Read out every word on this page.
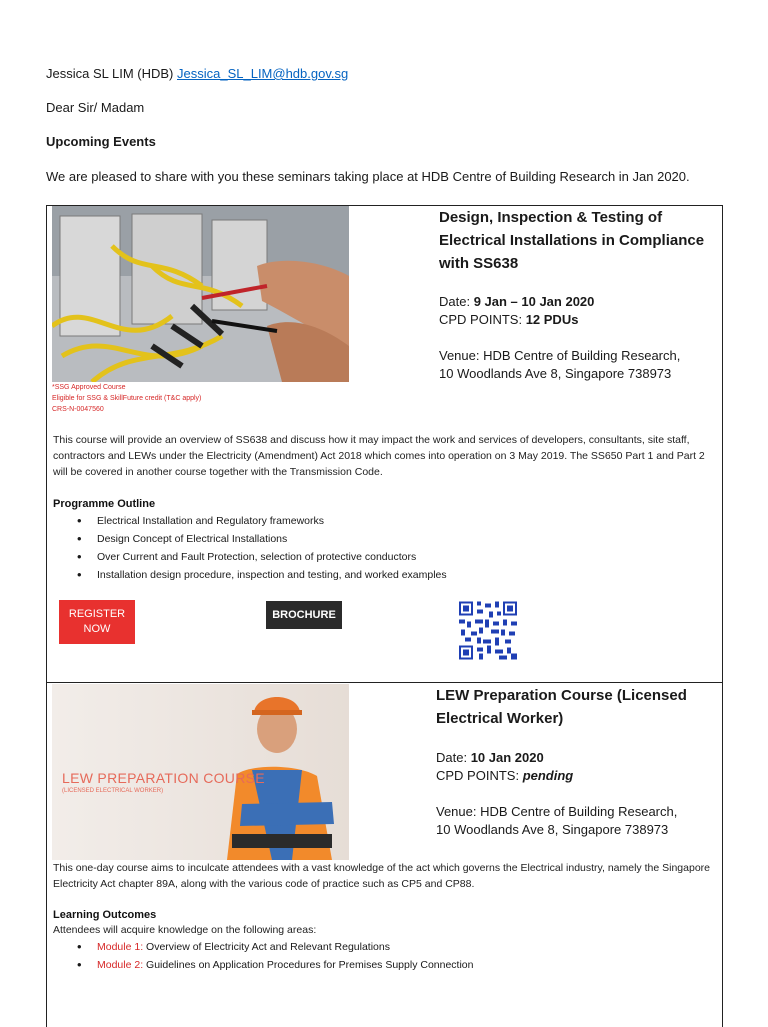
Jessica SL LIM (HDB) Jessica_SL_LIM@hdb.gov.sg
Dear Sir/ Madam
Upcoming Events
We are pleased to share with you these seminars taking place at HDB Centre of Building Research in Jan 2020.
*SSG Approved Course
Eligible for SSG & SkillFuture credit (T&C apply)
CRS-N-0047560
Design, Inspection & Testing of
Electrical Installations in Compliance
with SS638
Date: 9 Jan – 10 Jan 2020
CPD POINTS: 12 PDUs
Venue: HDB Centre of Building Research,
10 Woodlands Ave 8, Singapore 738973
This course will provide an overview of SS638 and discuss how it may impact the work and services of developers, consultants, site staff, contractors and LEWs under the Electricity (Amendment) Act 2018 which comes into operation on 3 May 2019. The SS650 Part 1 and Part 2 will be covered in another course together with the Transmission Code.
Programme Outline
• Electrical Installation and Regulatory frameworks
• Design Concept of Electrical Installations
• Over Current and Fault Protection, selection of protective conductors
• Installation design procedure, inspection and testing, and worked examples
REGISTER
NOW
BROCHURE
LEW PREPARATION COURSE
(LICENSED ELECTRICAL WORKER)
LEW Preparation Course (Licensed
Electrical Worker)
Date: 10 Jan 2020
CPD POINTS: pending
Venue: HDB Centre of Building Research,
10 Woodlands Ave 8, Singapore 738973
This one-day course aims to inculcate attendees with a vast knowledge of the act which governs the Electrical industry, namely the Singapore Electricity Act chapter 89A, along with the various code of practice such as CP5 and CP88.
Learning Outcomes
Attendees will acquire knowledge on the following areas:
• Module 1: Overview of Electricity Act and Relevant Regulations
• Module 2: Guidelines on Application Procedures for Premises Supply Connection
